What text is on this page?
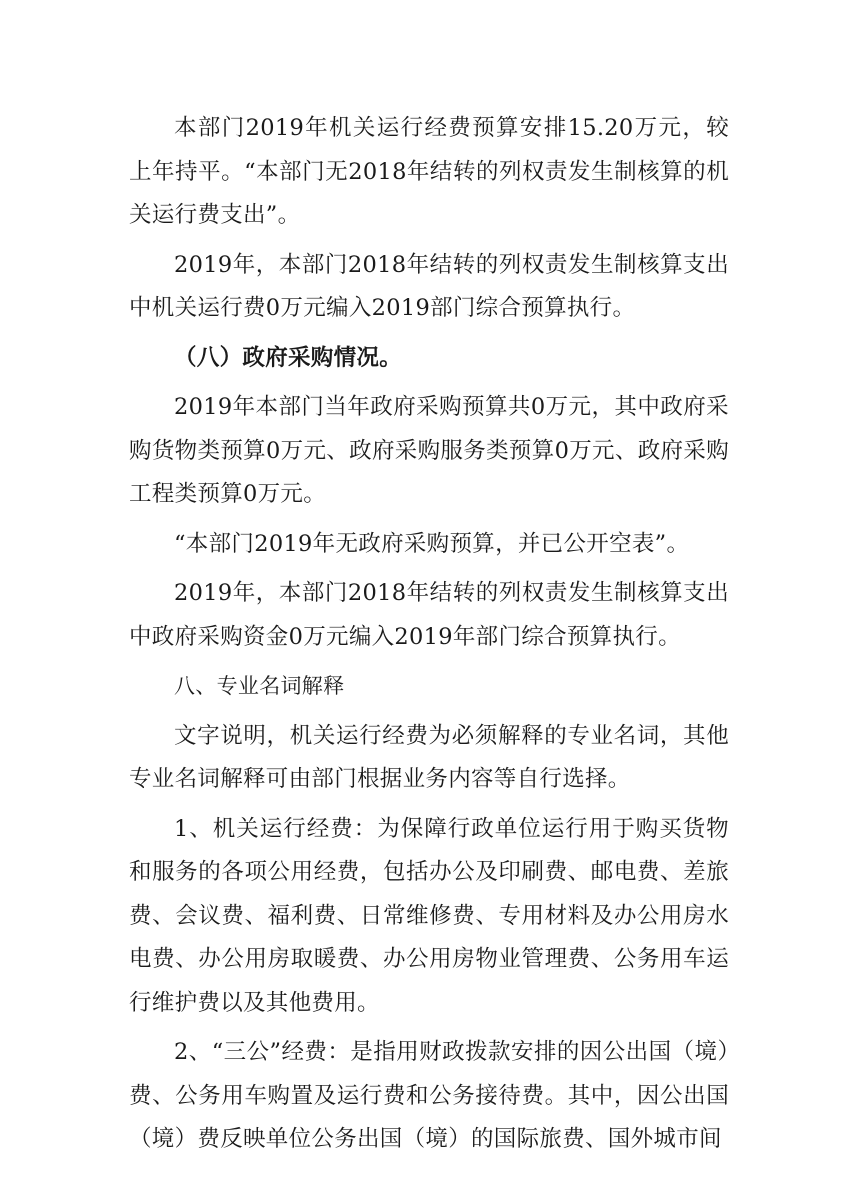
本部门2019年机关运行经费预算安排15.20万元，较上年持平。“本部门无2018年结转的列权责发生制核算的机关运行费支出”。

2019年，本部门2018年结转的列权责发生制核算支出中机关运行费0万元编入2019部门综合预算执行。

（八）政府采购情况。

2019年本部门当年政府采购预算共0万元，其中政府采购货物类预算0万元、政府采购服务类预算0万元、政府采购工程类预算0万元。

“本部门2019年无政府采购预算，并已公开空表”。

2019年，本部门2018年结转的列权责发生制核算支出中政府采购资金0万元编入2019年部门综合预算执行。

八、专业名词解释

文字说明，机关运行经费为必须解释的专业名词，其他专业名词解释可由部门根据业务内容等自行选择。

1、机关运行经费：为保障行政单位运行用于购买货物和服务的各项公用经费，包括办公及印刷费、邮电费、差旅费、会议费、福利费、日常维修费、专用材料及办公用房水电费、办公用房取暖费、办公用房物业管理费、公务用车运行维护费以及其他费用。

2、“三公”经费：是指用财政拨款安排的因公出国（境）费、公务用车购置及运行费和公务接待费。其中，因公出国（境）费反映单位公务出国（境）的国际旅费、国外城市间
